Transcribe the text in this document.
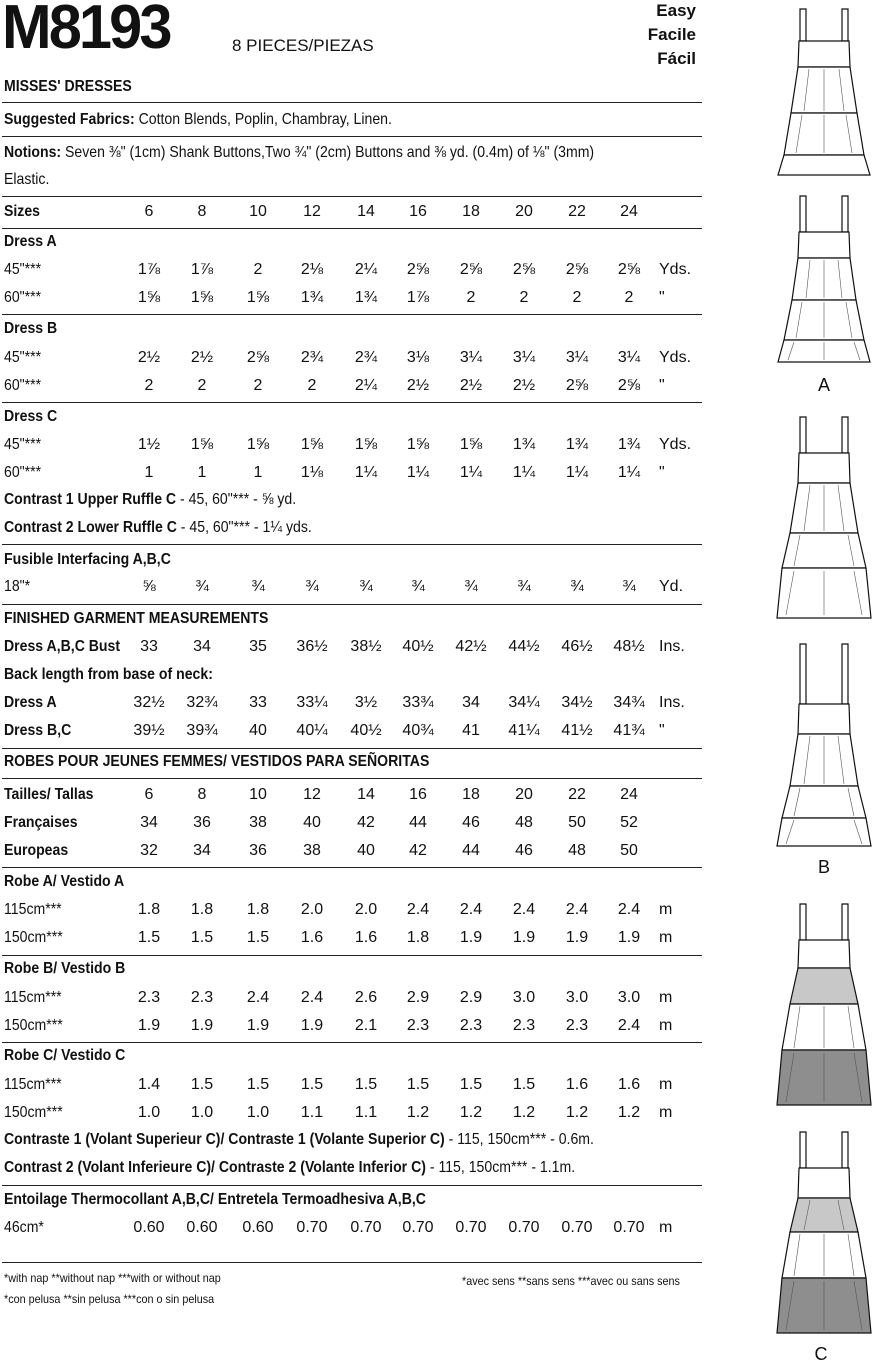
M8193	8 PIECES/PIEZAS
Easy
Facile
Fácil
MISSES' DRESSES
Suggested Fabrics: Cotton Blends, Poplin, Chambray, Linen.
Notions: Seven ⅜" (1cm) Shank Buttons,Two ¾" (2cm) Buttons and ⅜ yd. (0.4m) of ⅛" (3mm)
Elastic.
Sizes	6	8	10	12	14	16	18	20	22	24
Dress A
45"***	1⅞	1⅞	2	2⅛	2¼	2⅝	2⅝	2⅝	2⅝	2⅝	Yds.
60"***	1⅝	1⅝	1⅝	1¾	1¾	1⅞	2	2	2	2	"
Dress B
45"***	2½	2½	2⅝	2¾	2¾	3⅛	3¼	3¼	3¼	3¼	Yds.
60"***	2	2	2	2	2¼	2½	2½	2½	2⅝	2⅝	"
Dress C
45"***	1½	1⅝	1⅝	1⅝	1⅝	1⅝	1⅝	1¾	1¾	1¾	Yds.
60"***	1	1	1	1⅛	1¼	1¼	1¼	1¼	1¼	1¼	"
Contrast 1 Upper Ruffle C - 45, 60"*** - ⅝ yd.
Contrast 2 Lower Ruffle C - 45, 60"*** - 1¼ yds.
Fusible Interfacing A,B,C
18"*	⅝	¾	¾	¾	¾	¾	¾	¾	¾	¾	Yd.
FINISHED GARMENT MEASUREMENTS
Dress A,B,C Bust	33	34	35	36½ 38½ 40½ 42½ 44½ 46½ 48½ Ins.
Back length from base of neck:
Dress A	32½ 32¾	33	33¼	3½	33¾	34	34¼ 34½ 34¾ Ins.
Dress B,C	39½ 39¾	40	40¼ 40½ 40¾	41	41¼ 41½ 41¾ "
ROBES POUR JEUNES FEMMES/ VESTIDOS PARA SEÑORITAS
Tailles/ Tallas	6	8	10	12	14	16	18	20	22	24
Françaises	34	36	38	40	42	44	46	48	50	52
Europeas	32	34	36	38	40	42	44	46	48	50
Robe A/ Vestido A
115cm***	1.8	1.8	1.8	2.0	2.0	2.4	2.4	2.4	2.4	2.4	m
150cm***	1.5	1.5	1.5	1.6	1.6	1.8	1.9	1.9	1.9	1.9	m
Robe B/ Vestido B
115cm***	2.3	2.3	2.4	2.4	2.6	2.9	2.9	3.0	3.0	3.0	m
150cm***	1.9	1.9	1.9	1.9	2.1	2.3	2.3	2.3	2.3	2.4	m
Robe C/ Vestido C
115cm***	1.4	1.5	1.5	1.5	1.5	1.5	1.5	1.5	1.6	1.6	m
150cm***	1.0	1.0	1.0	1.1	1.1	1.2	1.2	1.2	1.2	1.2	m
Contraste 1 (Volant Superieur C)/ Contraste 1 (Volante Superior C) - 115, 150cm*** - 0.6m.
Contrast 2 (Volant Inferieure C)/ Contraste 2 (Volante Inferior C) - 115, 150cm*** - 1.1m.
Entoilage Thermocollant A,B,C/ Entretela Termoadhesiva A,B,C
46cm*	0.60 0.60 0.60 0.70 0.70 0.70 0.70 0.70 0.70 0.70 m
*with nap **without nap ***with or without nap
*con pelusa **sin pelusa ***con o sin pelusa
*avec sens **sans sens ***avec ou sans sens
A
B
C
